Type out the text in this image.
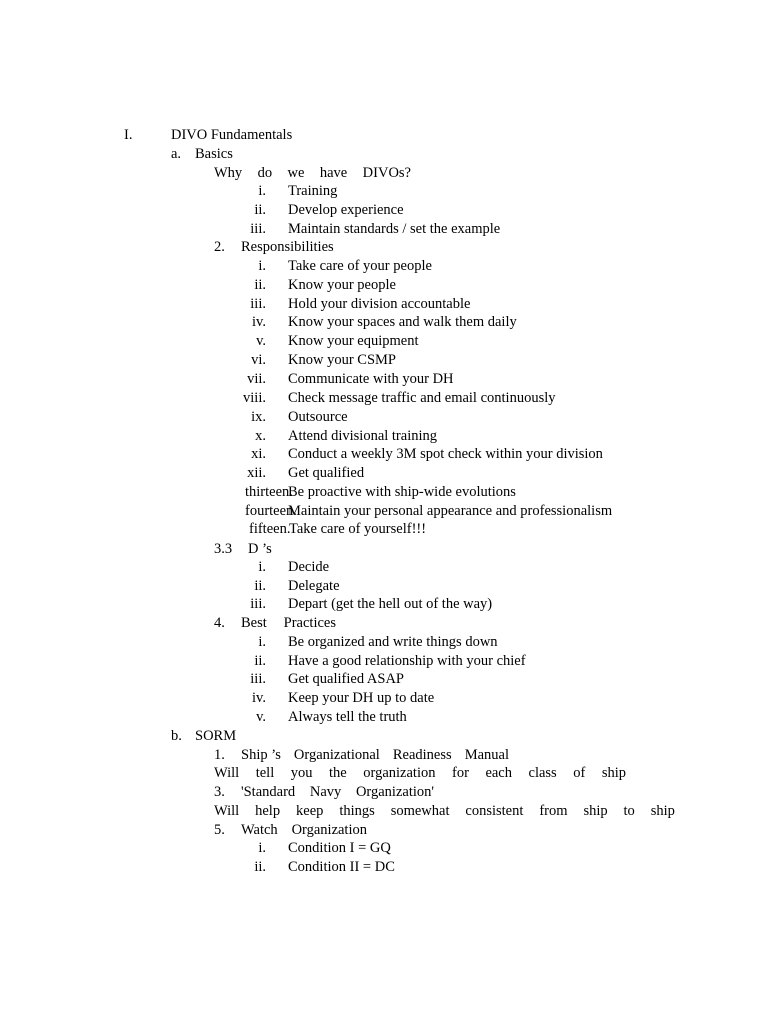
I.	DIVO Fundamentals
a. Basics
Why do we have DIVOs?
i. Training
ii. Develop experience
iii. Maintain standards / set the example
2. Responsibilities
i. Take care of your people
ii. Know your people
iii. Hold your division accountable
iv. Know your spaces and walk them daily
v. Know your equipment
vi. Know your CSMP
vii. Communicate with your DH
viii. Check message traffic and email continuously
ix. Outsource
x. Attend divisional training
xi. Conduct a weekly 3M spot check within your division
xii. Get qualified
thirteen.
Be proactive with ship-wide evolutions
fourteen.
Maintain your personal appearance and professionalism
fifteen.
Take care of yourself!!!
3.3 D ’s
i. Decide
ii. Delegate
iii. Depart (get the hell out of the way)
4. Best Practices
i. Be organized and write things down
ii. Have a good relationship with your chief
iii. Get qualified ASAP
iv. Keep your DH up to date
v. Always tell the truth
b. SORM
1. Ship ’s Organizational Readiness Manual
Will tell you the organization for each class of ship
3. 'Standard Navy Organization'
Will help keep things somewhat consistent from ship to ship
5. Watch Organization
i. Condition I = GQ
ii. Condition II = DC
